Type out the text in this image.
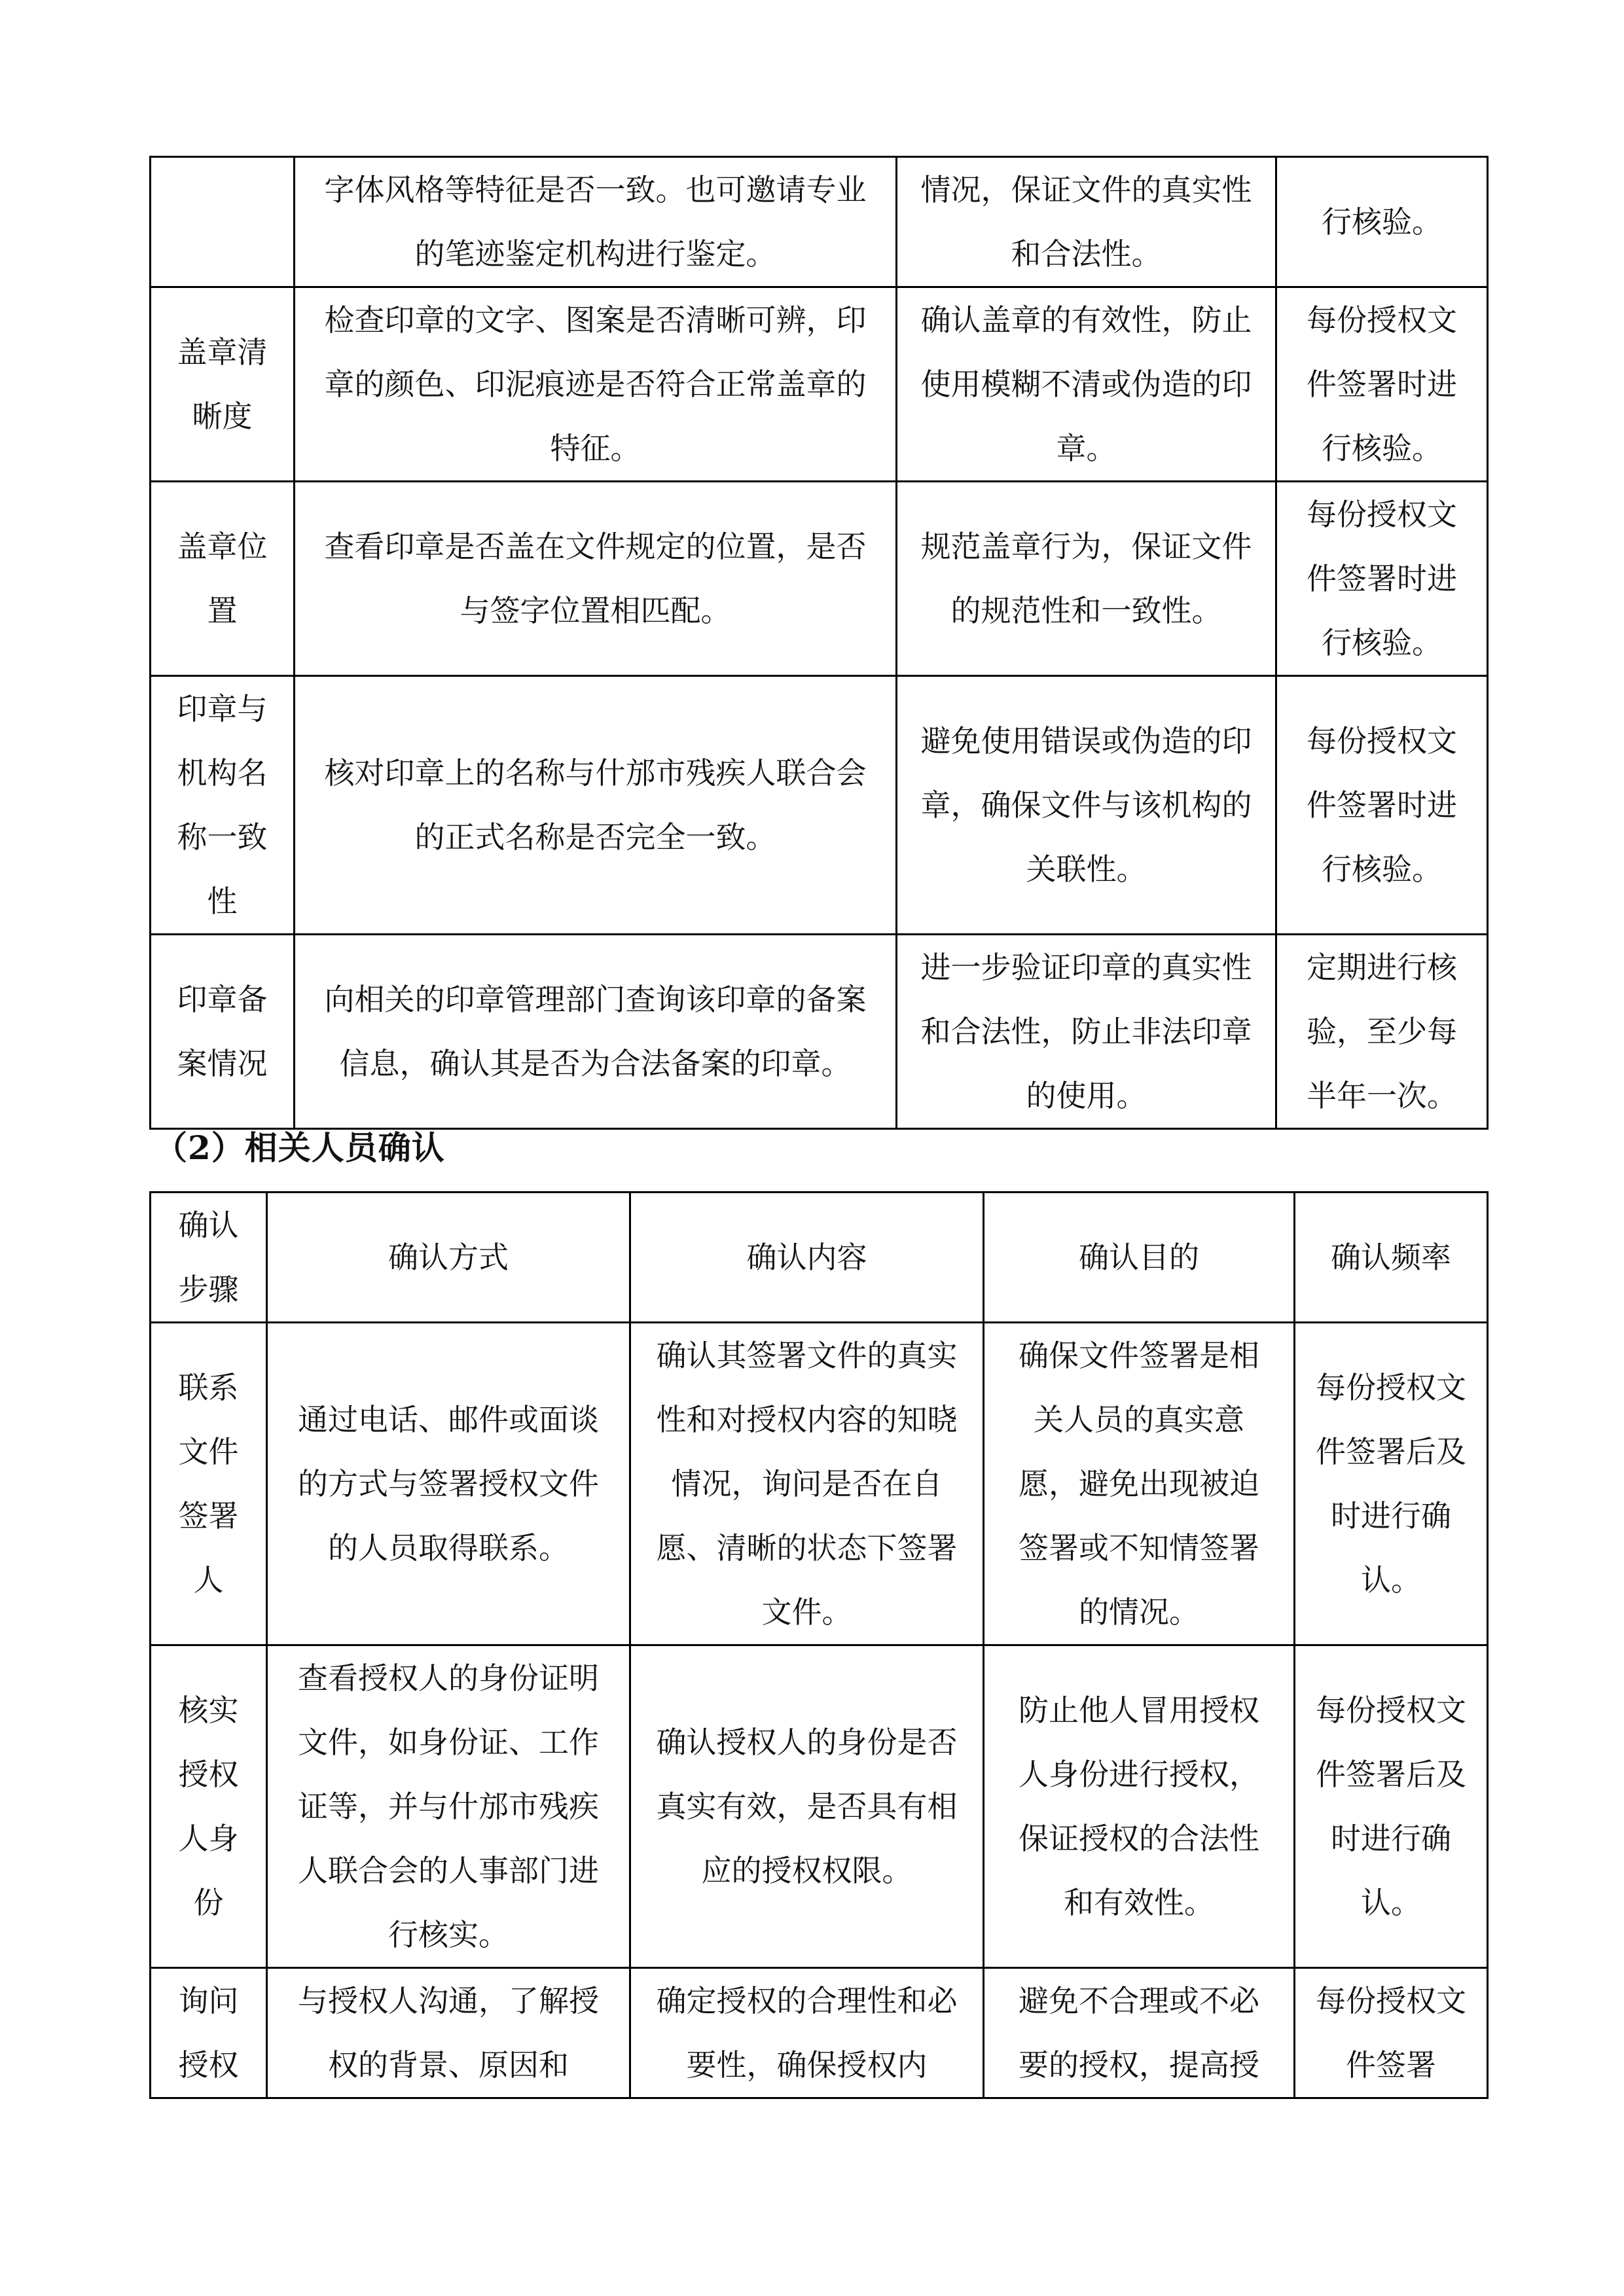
	字体风格等特征是否一致。也可邀请专业的笔迹鉴定机构进行鉴定。	情况，保证文件的真实性和合法性。	行核验。
盖章清晰度	检查印章的文字、图案是否清晰可辨，印章的颜色、印泥痕迹是否符合正常盖章的特征。	确认盖章的有效性，防止使用模糊不清或伪造的印章。	每份授权文件签署时进行核验。
盖章位置	查看印章是否盖在文件规定的位置，是否与签字位置相匹配。	规范盖章行为，保证文件的规范性和一致性。	每份授权文件签署时进行核验。
印章与机构名称一致性	核对印章上的名称与什邡市残疾人联合会的正式名称是否完全一致。	避免使用错误或伪造的印章，确保文件与该机构的关联性。	每份授权文件签署时进行核验。
印章备案情况	向相关的印章管理部门查询该印章的备案信息，确认其是否为合法备案的印章。	进一步验证印章的真实性和合法性，防止非法印章的使用。	定期进行核验，至少每半年一次。
（2）相关人员确认
确认步骤	确认方式	确认内容	确认目的	确认频率
联系文件签署人	通过电话、邮件或面谈的方式与签署授权文件的人员取得联系。	确认其签署文件的真实性和对授权内容的知晓情况，询问是否在自愿、清晰的状态下签署文件。	确保文件签署是相关人员的真实意愿，避免出现被迫签署或不知情签署的情况。	每份授权文件签署后及时进行确认。
核实授权人身份	查看授权人的身份证明文件，如身份证、工作证等，并与什邡市残疾人联合会的人事部门进行核实。	确认授权人的身份是否真实有效，是否具有相应的授权权限。	防止他人冒用授权人身份进行授权，保证授权的合法性和有效性。	每份授权文件签署后及时进行确认。
询问授权	与授权人沟通，了解授权的背景、原因和	确定授权的合理性和必要性，确保授权内	避免不合理或不必要的授权，提高授	每份授权文件签署
